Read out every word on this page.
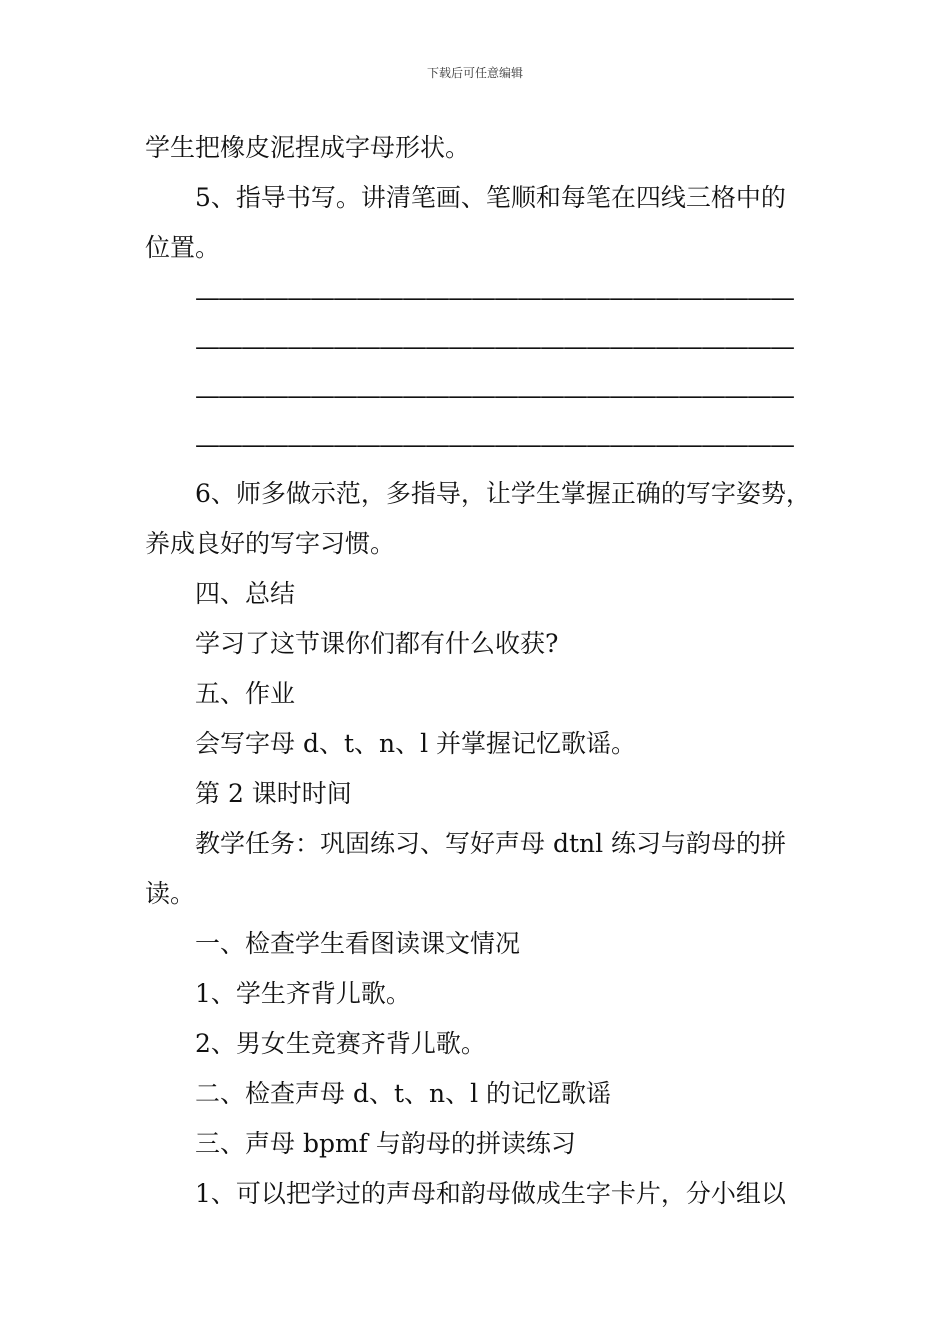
下载后可任意编辑

学生把橡皮泥捏成字母形状。

5、指导书写。讲清笔画、笔顺和每笔在四线三格中的

位置。

——————————————————————————

——————————————————————————

——————————————————————————

——————————————————————————

6、师多做示范，多指导，让学生掌握正确的写字姿势，

养成良好的写字习惯。

四、总结

学习了这节课你们都有什么收获?

五、作业

会写字母 d、t、n、l 并掌握记忆歌谣。

第 2 课时时间

教学任务：巩固练习、写好声母 dtnl 练习与韵母的拼

读。

一、检查学生看图读课文情况

1、学生齐背儿歌。

2、男女生竞赛齐背儿歌。

二、检查声母 d、t、n、l 的记忆歌谣

三、声母 bpmf 与韵母的拼读练习

1、可以把学过的声母和韵母做成生字卡片，分小组以
